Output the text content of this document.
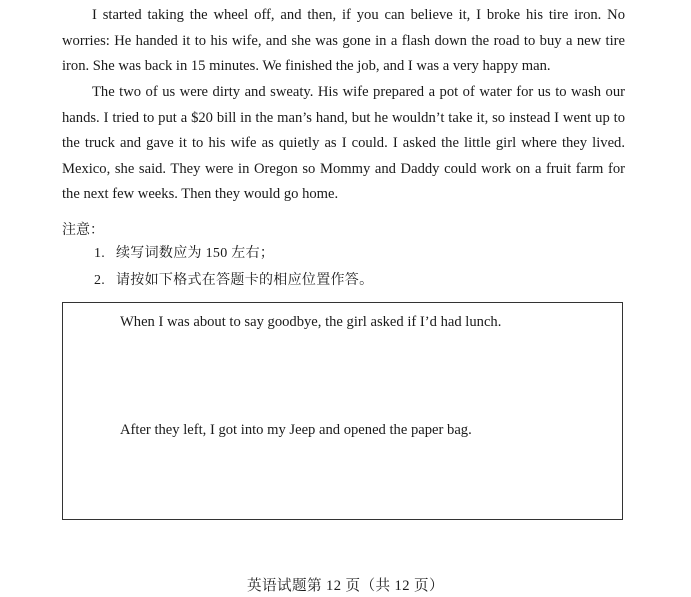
I started taking the wheel off, and then, if you can believe it, I broke his tire iron. No worries: He handed it to his wife, and she was gone in a flash down the road to buy a new tire iron. She was back in 15 minutes. We finished the job, and I was a very happy man.

The two of us were dirty and sweaty. His wife prepared a pot of water for us to wash our hands. I tried to put a $20 bill in the man’s hand, but he wouldn’t take it, so instead I went up to the truck and gave it to his wife as quietly as I could. I asked the little girl where they lived. Mexico, she said. They were in Oregon so Mommy and Daddy could work on a fruit farm for the next few weeks. Then they would go home.

注意：
1. 续写词数应为 150 左右；
2. 请按如下格式在答题卡的相应位置作答。
When I was about to say goodbye, the girl asked if I’d had lunch.
After they left, I got into my Jeep and opened the paper bag.
英语试题第 12 页（共 12 页）
